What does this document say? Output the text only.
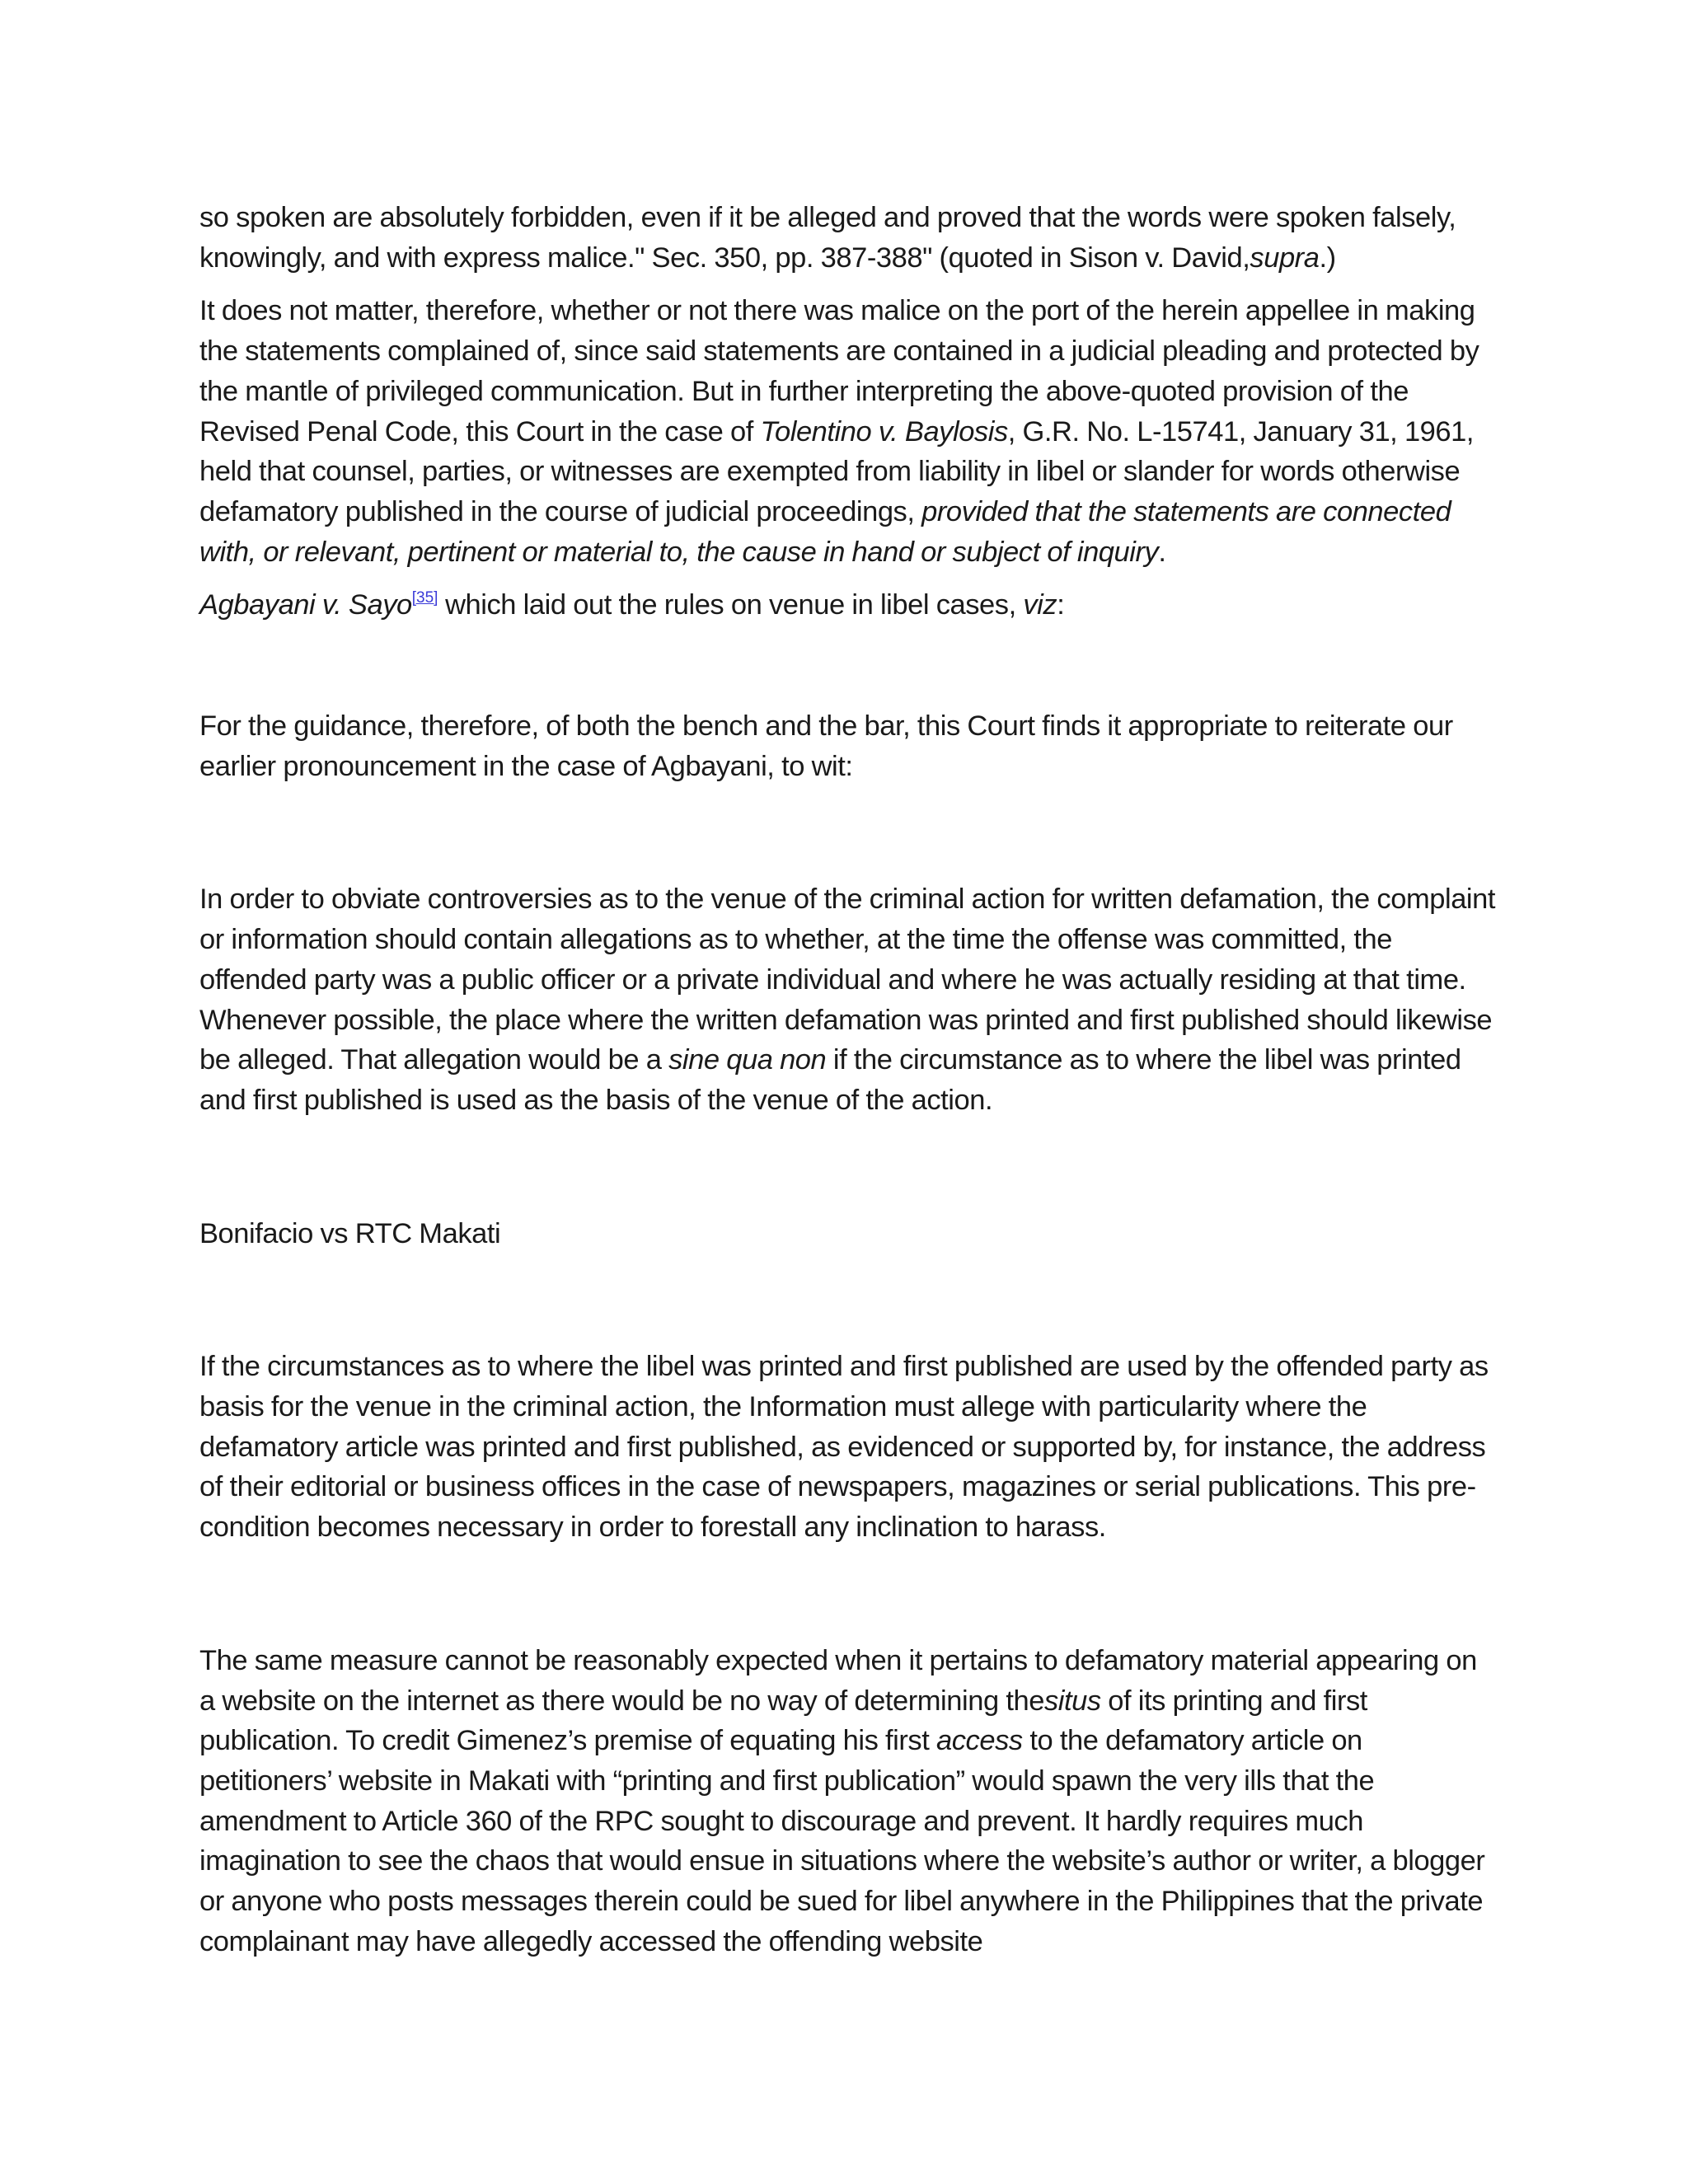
so spoken are absolutely forbidden, even if it be alleged and proved that the words were spoken falsely, knowingly, and with express malice." Sec. 350, pp. 387-388" (quoted in Sison v. David,supra.)

It does not matter, therefore, whether or not there was malice on the port of the herein appellee in making the statements complained of, since said statements are contained in a judicial pleading and protected by the mantle of privileged communication. But in further interpreting the above-quoted provision of the Revised Penal Code, this Court in the case of Tolentino v. Baylosis, G.R. No. L-15741, January 31, 1961, held that counsel, parties, or witnesses are exempted from liability in libel or slander for words otherwise defamatory published in the course of judicial proceedings, provided that the statements are connected with, or relevant, pertinent or material to, the cause in hand or subject of inquiry.

Agbayani v. Sayo[35] which laid out the rules on venue in libel cases, viz:

For the guidance, therefore, of both the bench and the bar, this Court finds it appropriate to reiterate our earlier pronouncement in the case of Agbayani, to wit:

In order to obviate controversies as to the venue of the criminal action for written defamation, the complaint or information should contain allegations as to whether, at the time the offense was committed, the offended party was a public officer or a private individual and where he was actually residing at that time. Whenever possible, the place where the written defamation was printed and first published should likewise be alleged. That allegation would be a sine qua non if the circumstance as to where the libel was printed and first published is used as the basis of the venue of the action.

Bonifacio vs RTC Makati

If the circumstances as to where the libel was printed and first published are used by the offended party as basis for the venue in the criminal action, the Information must allege with particularity where the defamatory article was printed and first published, as evidenced or supported by, for instance, the address of their editorial or business offices in the case of newspapers, magazines or serial publications. This pre-condition becomes necessary in order to forestall any inclination to harass.

The same measure cannot be reasonably expected when it pertains to defamatory material appearing on a website on the internet as there would be no way of determining thesitus of its printing and first publication. To credit Gimenez’s premise of equating his first access to the defamatory article on petitioners’ website in Makati with “printing and first publication” would spawn the very ills that the amendment to Article 360 of the RPC sought to discourage and prevent. It hardly requires much imagination to see the chaos that would ensue in situations where the website’s author or writer, a blogger or anyone who posts messages therein could be sued for libel anywhere in the Philippines that the private complainant may have allegedly accessed the offending website
